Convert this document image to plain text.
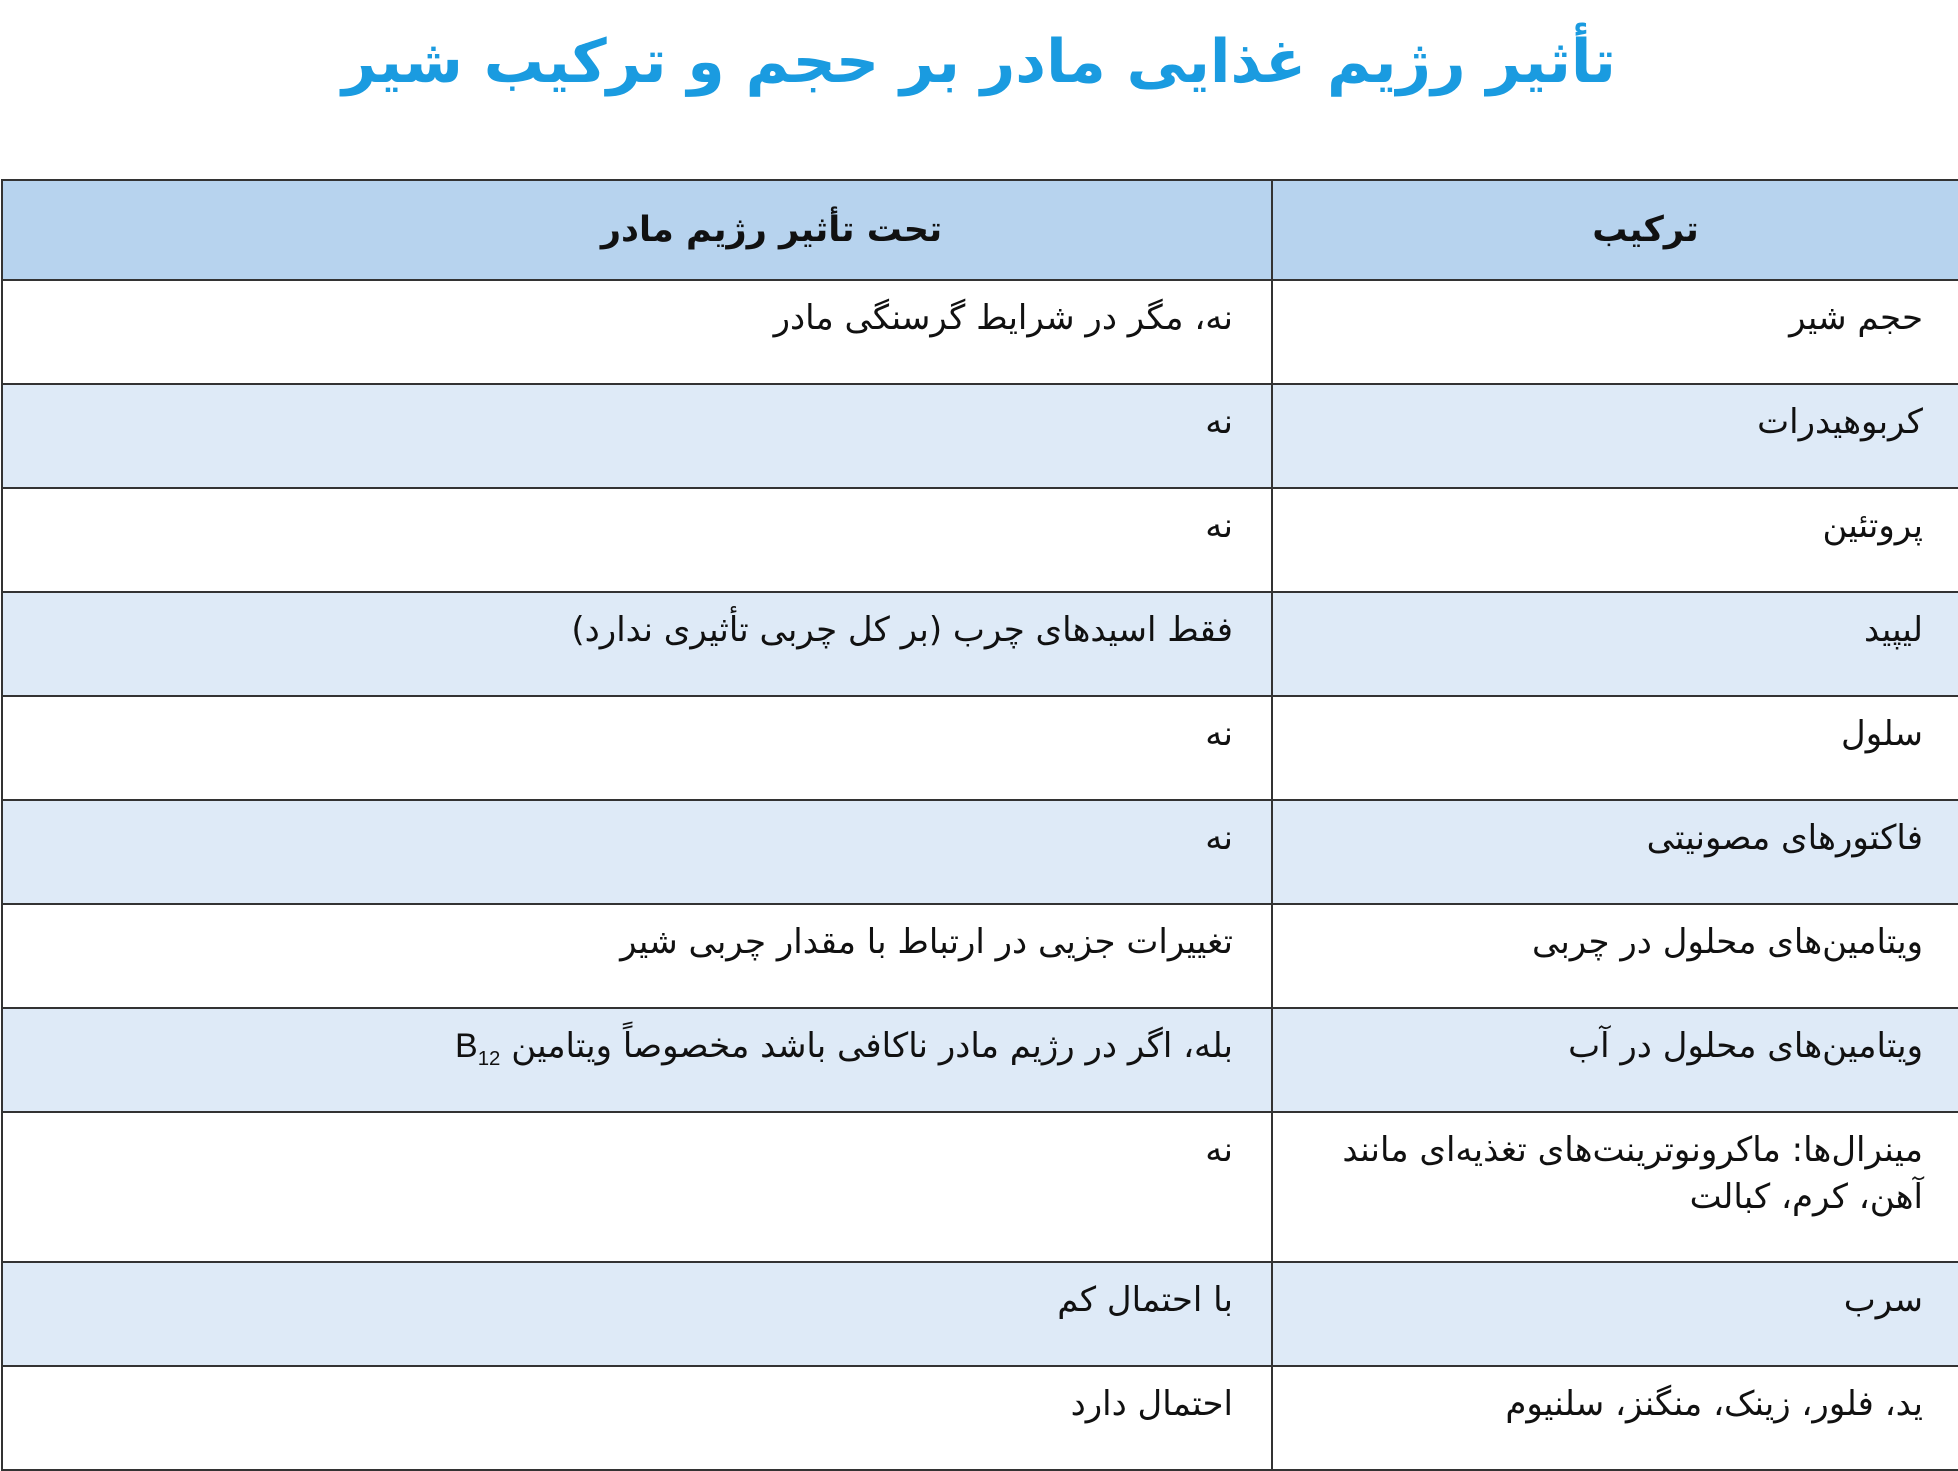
تأثیر رژیم غذایی مادر بر حجم و ترکیب شیر
ترکیب	تحت تأثیر رژیم مادر
حجم شیر	نه، مگر در شرایط گرسنگی مادر
کربوهیدرات	نه
پروتئین	نه
لیپید	فقط اسیدهای چرب (بر کل چربی تأثیری ندارد)
سلول	نه
فاکتورهای مصونیتی	نه
ویتامین‌های محلول در چربی	تغییرات جزیی در ارتباط با مقدار چربی شیر
ویتامین‌های محلول در آب	بله، اگر در رژیم مادر ناکافی باشد مخصوصاً ویتامین $B_{12}$
مینرال‌ها: ماکرونوترینت‌های تغذیه‌ای مانند آهن، کرم، کبالت	نه
سرب	با احتمال کم
ید، فلور، زینک، منگنز، سلنیوم	احتمال دارد
